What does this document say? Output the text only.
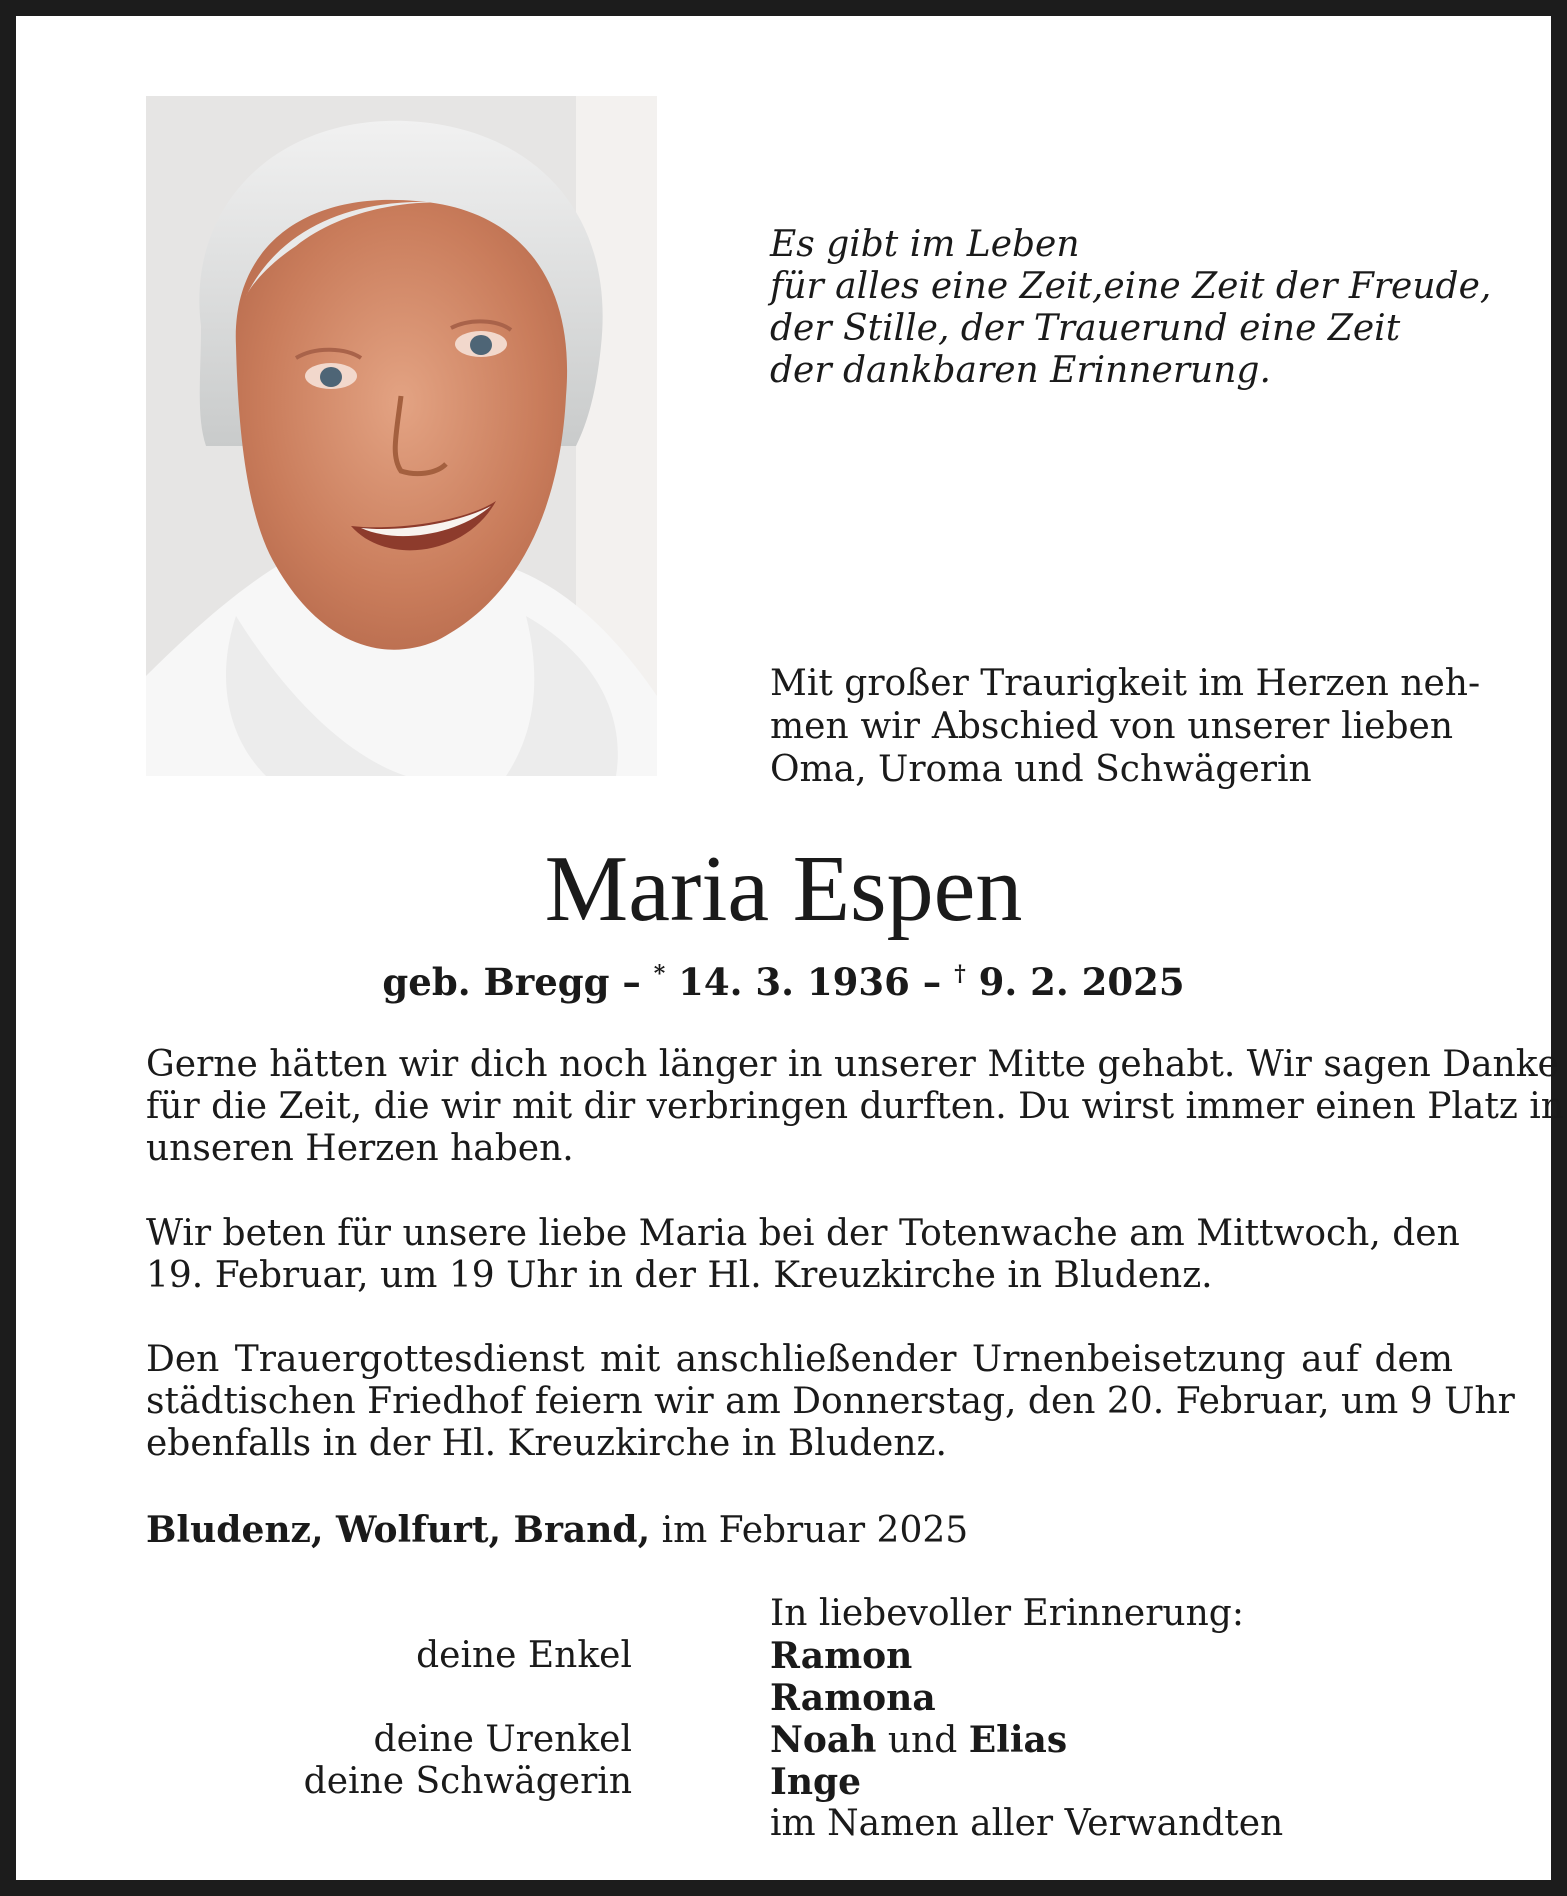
Es gibt im Leben
für alles eine Zeit,eine Zeit der Freude,
der Stille, der Trauerund eine Zeit
der dankbaren Erinnerung.
Mit großer Traurigkeit im Herzen neh-
men wir Abschied von unserer lieben
Oma, Uroma und Schwägerin
Maria Espen
geb. Bregg – * 14. 3. 1936 – † 9. 2. 2025
Gerne hätten wir dich noch länger in unserer Mitte gehabt. Wir sagen Danke
für die Zeit, die wir mit dir verbringen durften. Du wirst immer einen Platz in
unseren Herzen haben.
Wir beten für unsere liebe Maria bei der Totenwache am Mittwoch, den
19. Februar, um 19 Uhr in der Hl. Kreuzkirche in Bludenz.
Den Trauergottesdienst mit anschließender Urnenbeisetzung auf dem
städtischen Friedhof feiern wir am Donnerstag, den 20. Februar, um 9 Uhr
ebenfalls in der Hl. Kreuzkirche in Bludenz.
Bludenz, Wolfurt, Brand, im Februar 2025
In liebevoller Erinnerung:
deine Enkel	Ramon
Ramona
deine Urenkel	Noah und Elias
deine Schwägerin	Inge
im Namen aller Verwandten
